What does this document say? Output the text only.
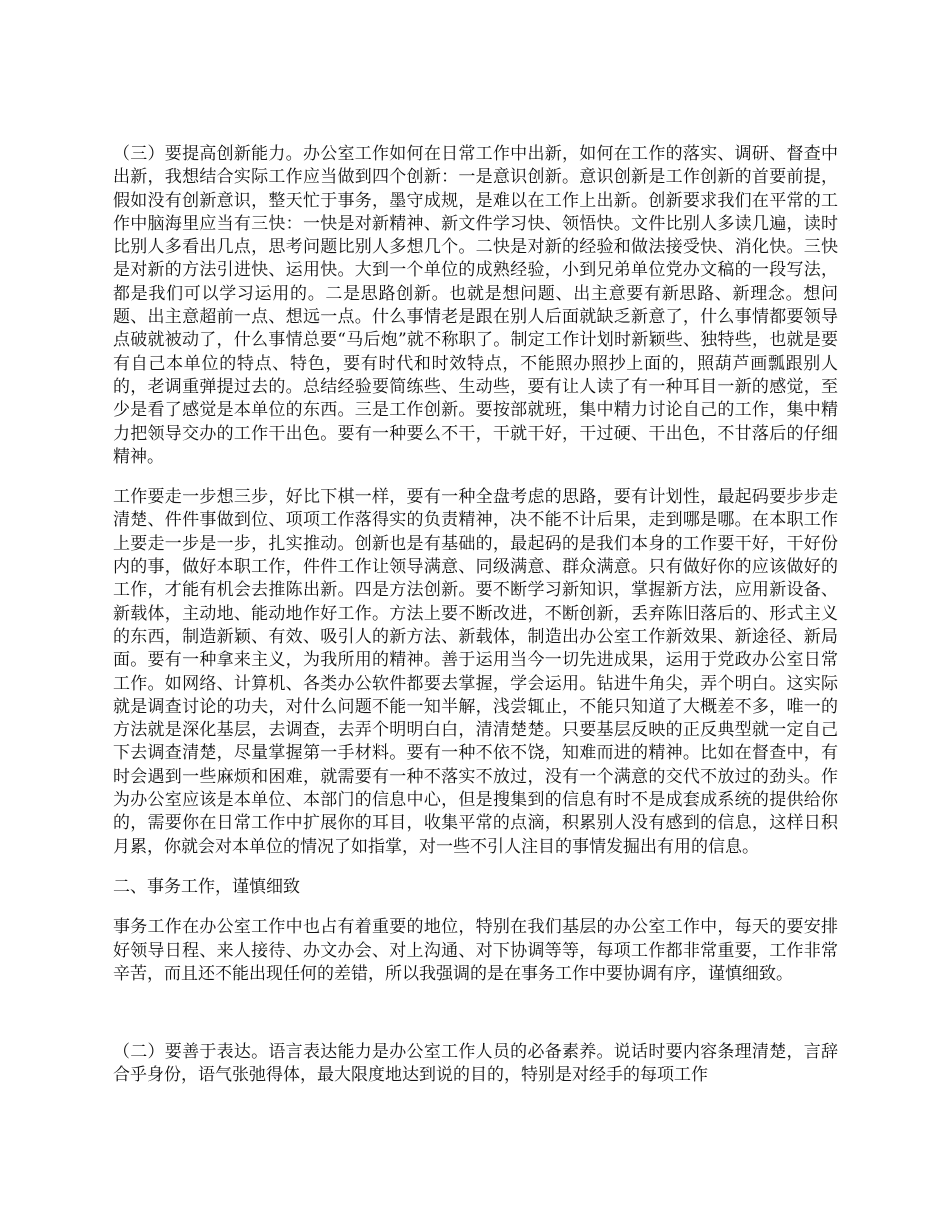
（三）要提高创新能力。办公室工作如何在日常工作中出新，如何在工作的落实、调研、督查中出新，我想结合实际工作应当做到四个创新：一是意识创新。意识创新是工作创新的首要前提，假如没有创新意识，整天忙于事务，墨守成规，是难以在工作上出新。创新要求我们在平常的工作中脑海里应当有三快：一快是对新精神、新文件学习快、领悟快。文件比别人多读几遍，读时比别人多看出几点，思考问题比别人多想几个。二快是对新的经验和做法接受快、消化快。三快是对新的方法引进快、运用快。大到一个单位的成熟经验，小到兄弟单位党办文稿的一段写法，都是我们可以学习运用的。二是思路创新。也就是想问题、出主意要有新思路、新理念。想问题、出主意超前一点、想远一点。什么事情老是跟在别人后面就缺乏新意了，什么事情都要领导点破就被动了，什么事情总要“马后炮”就不称职了。制定工作计划时新颖些、独特些，也就是要有自己本单位的特点、特色，要有时代和时效特点，不能照办照抄上面的，照葫芦画瓢跟别人的，老调重弹提过去的。总结经验要简练些、生动些，要有让人读了有一种耳目一新的感觉，至少是看了感觉是本单位的东西。三是工作创新。要按部就班，集中精力讨论自己的工作，集中精力把领导交办的工作干出色。要有一种要么不干，干就干好，干过硬、干出色，不甘落后的仔细精神。

工作要走一步想三步，好比下棋一样，要有一种全盘考虑的思路，要有计划性，最起码要步步走清楚、件件事做到位、项项工作落得实的负责精神，决不能不计后果，走到哪是哪。在本职工作上要走一步是一步，扎实推动。创新也是有基础的，最起码的是我们本身的工作要干好，干好份内的事，做好本职工作，件件工作让领导满意、同级满意、群众满意。只有做好你的应该做好的工作，才能有机会去推陈出新。四是方法创新。要不断学习新知识，掌握新方法，应用新设备、新载体，主动地、能动地作好工作。方法上要不断改进，不断创新，丢弃陈旧落后的、形式主义的东西，制造新颖、有效、吸引人的新方法、新载体，制造出办公室工作新效果、新途径、新局面。要有一种拿来主义，为我所用的精神。善于运用当今一切先进成果，运用于党政办公室日常工作。如网络、计算机、各类办公软件都要去掌握，学会运用。钻进牛角尖，弄个明白。这实际就是调查讨论的功夫，对什么问题不能一知半解，浅尝辄止，不能只知道了大概差不多，唯一的方法就是深化基层，去调查，去弄个明明白白，清清楚楚。只要基层反映的正反典型就一定自己下去调查清楚，尽量掌握第一手材料。要有一种不依不饶，知难而进的精神。比如在督查中，有时会遇到一些麻烦和困难，就需要有一种不落实不放过，没有一个满意的交代不放过的劲头。作为办公室应该是本单位、本部门的信息中心，但是搜集到的信息有时不是成套成系统的提供给你的，需要你在日常工作中扩展你的耳目，收集平常的点滴，积累别人没有感到的信息，这样日积月累，你就会对本单位的情况了如指掌，对一些不引人注目的事情发掘出有用的信息。

二、事务工作，谨慎细致

事务工作在办公室工作中也占有着重要的地位，特别在我们基层的办公室工作中，每天的要安排好领导日程、来人接待、办文办会、对上沟通、对下协调等等，每项工作都非常重要，工作非常辛苦，而且还不能出现任何的差错，所以我强调的是在事务工作中要协调有序，谨慎细致。

（二）要善于表达。语言表达能力是办公室工作人员的必备素养。说话时要内容条理清楚，言辞合乎身份，语气张弛得体，最大限度地达到说的目的，特别是对经手的每项工作
